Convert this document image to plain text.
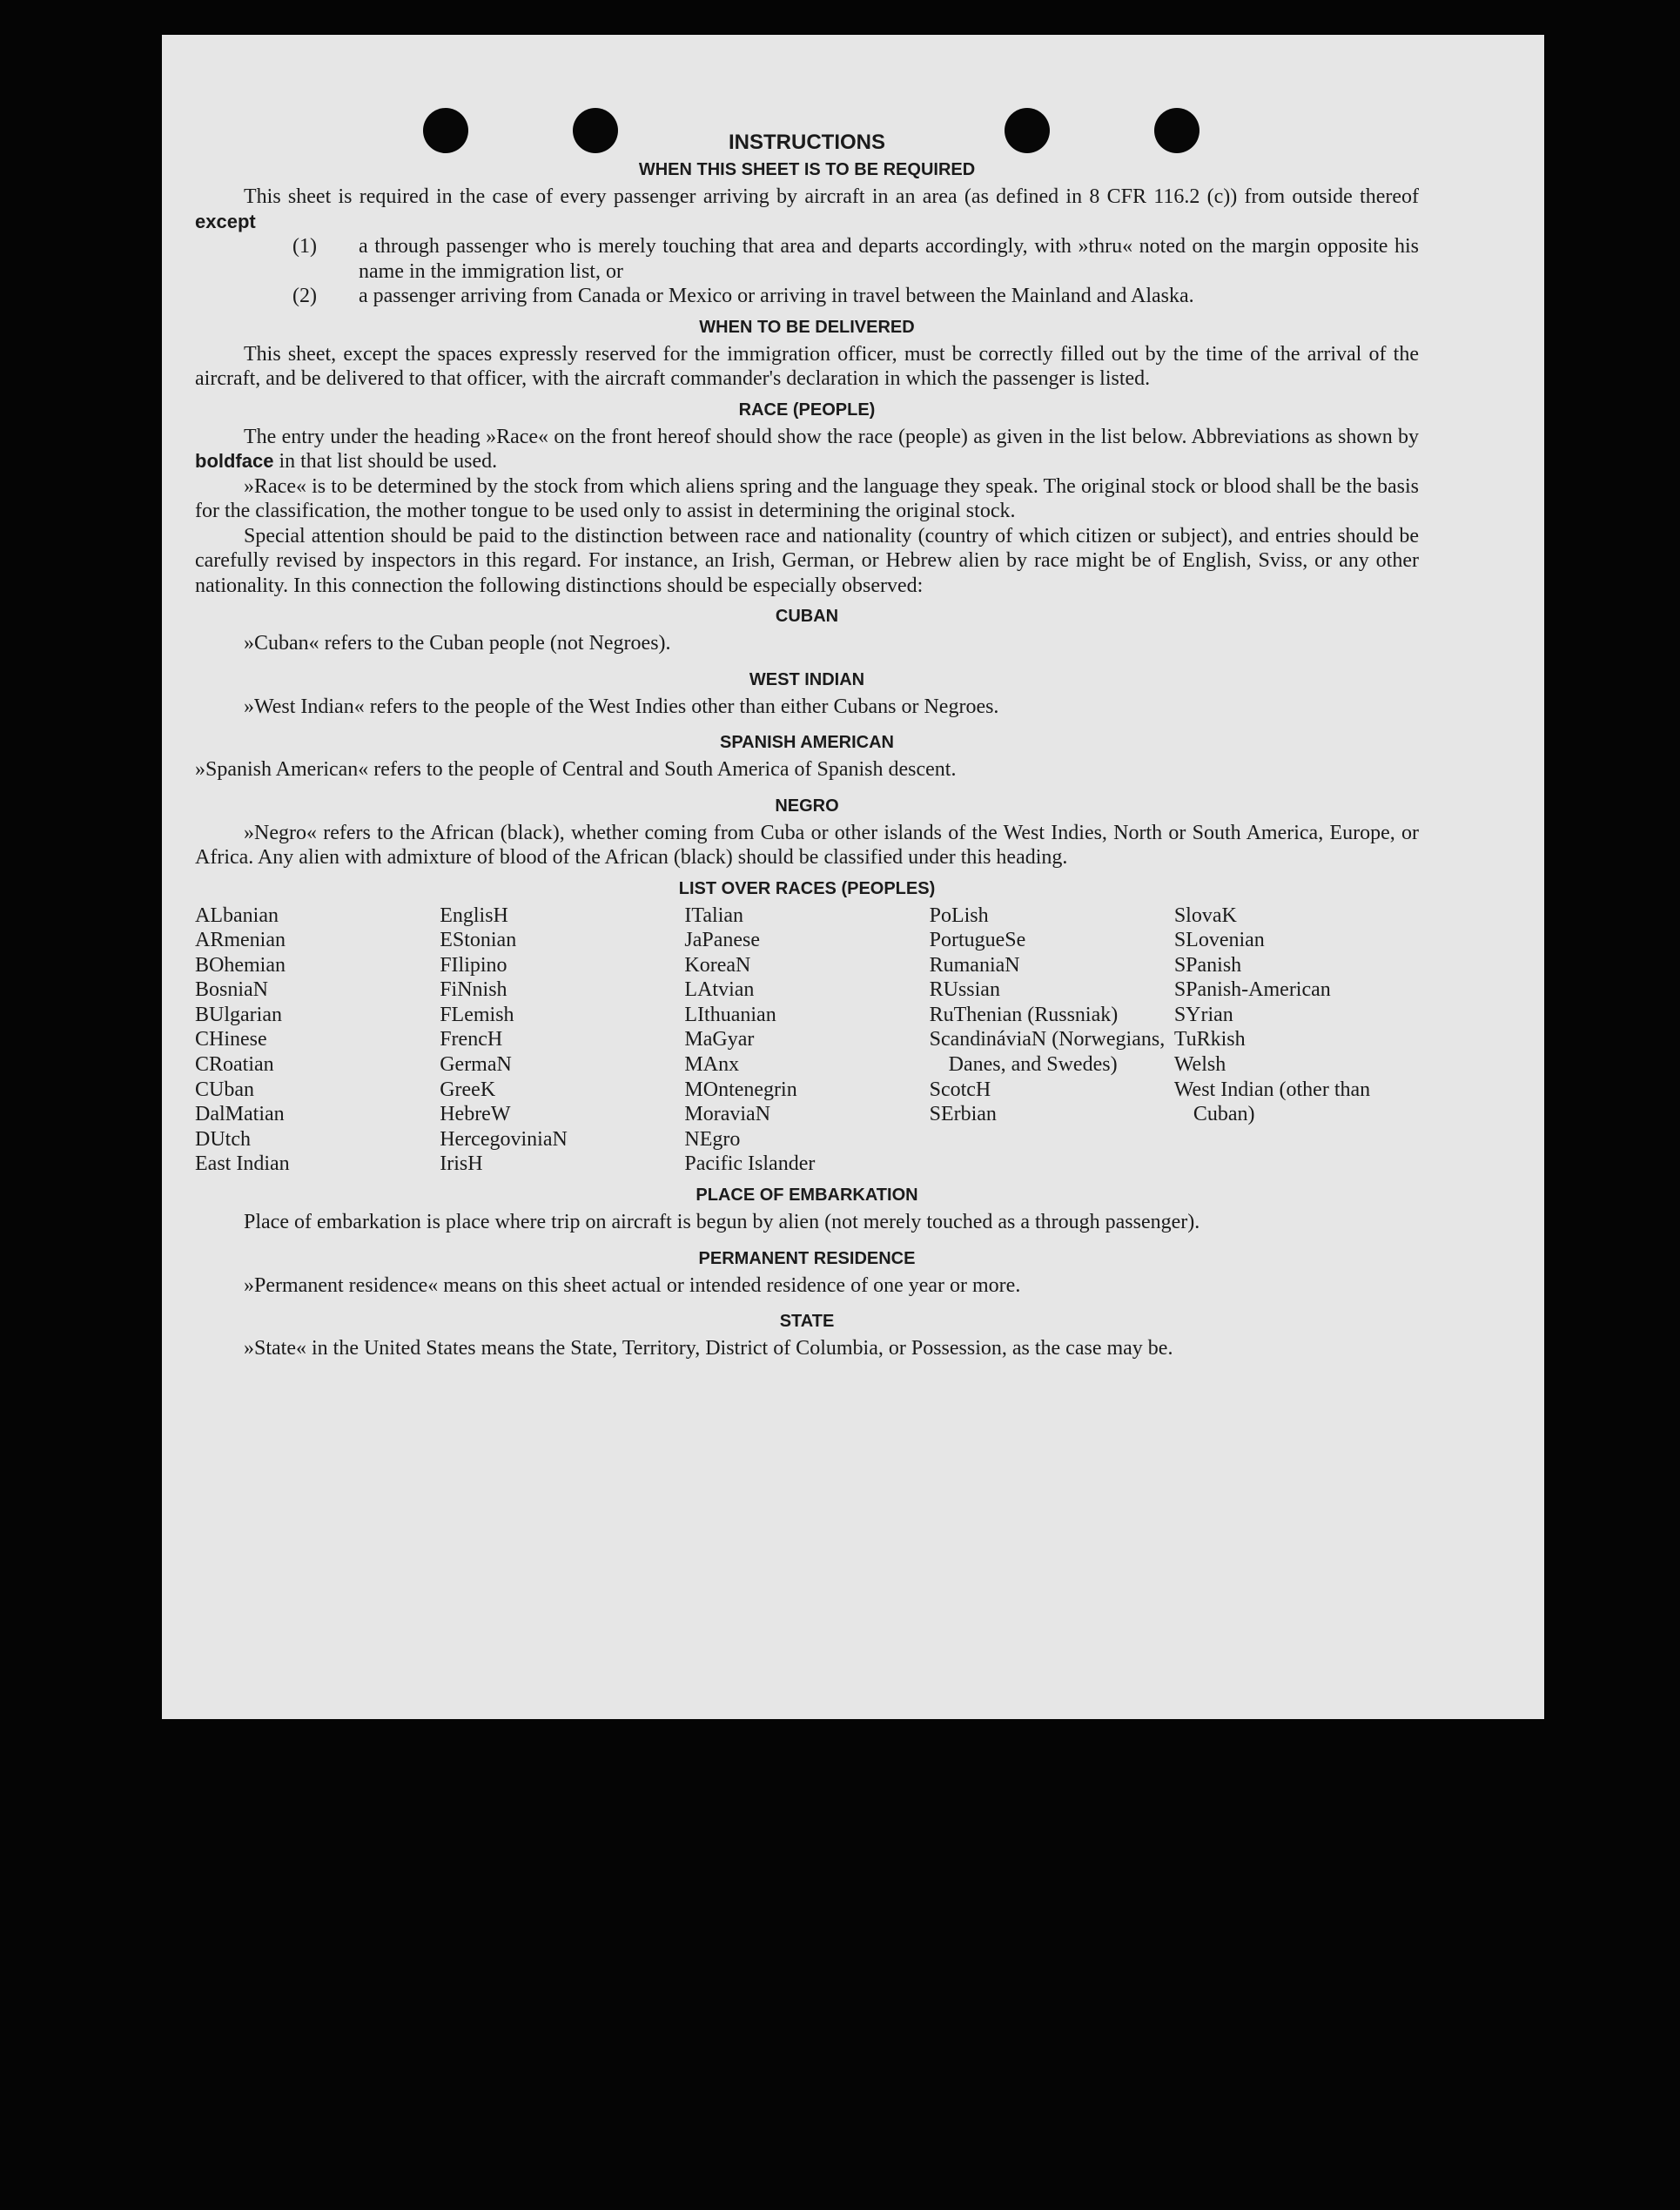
INSTRUCTIONS
WHEN THIS SHEET IS TO BE REQUIRED

This sheet is required in the case of every passenger arriving by aircraft in an area (as defined in 8 CFR 116.2 (c)) from outside thereof except

(1) a through passenger who is merely touching that area and departs accordingly, with »thru« noted on the margin opposite his name in the immigration list, or

(2) a passenger arriving from Canada or Mexico or arriving in travel between the Mainland and Alaska.

WHEN TO BE DELIVERED

This sheet, except the spaces expressly reserved for the immigration officer, must be correctly filled out by the time of the arrival of the aircraft, and be delivered to that officer, with the aircraft commander's declaration in which the passenger is listed.

RACE (PEOPLE)

The entry under the heading »Race« on the front hereof should show the race (people) as given in the list below. Abbreviations as shown by boldface in that list should be used.

»Race« is to be determined by the stock from which aliens spring and the language they speak. The original stock or blood shall be the basis for the classification, the mother tongue to be used only to assist in determining the original stock.

Special attention should be paid to the distinction between race and nationality (country of which citizen or subject), and entries should be carefully revised by inspectors in this regard. For instance, an Irish, German, or Hebrew alien by race might be of English, Sviss, or any other nationality. In this connection the following distinctions should be especially observed:

CUBAN

»Cuban« refers to the Cuban people (not Negroes).

WEST INDIAN

»West Indian« refers to the people of the West Indies other than either Cubans or Negroes.

SPANISH AMERICAN

»Spanish American« refers to the people of Central and South America of Spanish descent.

NEGRO

»Negro« refers to the African (black), whether coming from Cuba or other islands of the West Indies, North or South America, Europe, or Africa. Any alien with admixture of blood of the African (black) should be classified under this heading.

LIST OVER RACES (PEOPLES)
ALbanian
ARmenian
BOhemian
BosniaN
BUlgarian
CHinese
CRoatian
CUban
DalMatian
DUtch
East Indian
EnglisH
EStonian
FIlipino
FiNnish
FLemish
FrencH
GermaN
GreeK
HebreW
HercegoviniaN
IrisH
ITalian
JaPanese
KoreaN
LAtvian
LIthuanian
MaGyar
MAnx
MOntenegrin
MoraviaN
NEgro
Pacific Islander
PoLish
PortugueSe
RumaniaN
RUssian
RuThenian (Russniak)
ScandináviaN (Norwegians, Danes, and Swedes)
ScotcH
SErbian
SlovaK
SLovenian
SPanish
SPanish-American
SYrian
TuRkish
Welsh
West Indian (other than Cuban)
PLACE OF EMBARKATION

Place of embarkation is place where trip on aircraft is begun by alien (not merely touched as a through passenger).

PERMANENT RESIDENCE

»Permanent residence« means on this sheet actual or intended residence of one year or more.

STATE

»State« in the United States means the State, Territory, District of Columbia, or Possession, as the case may be.
